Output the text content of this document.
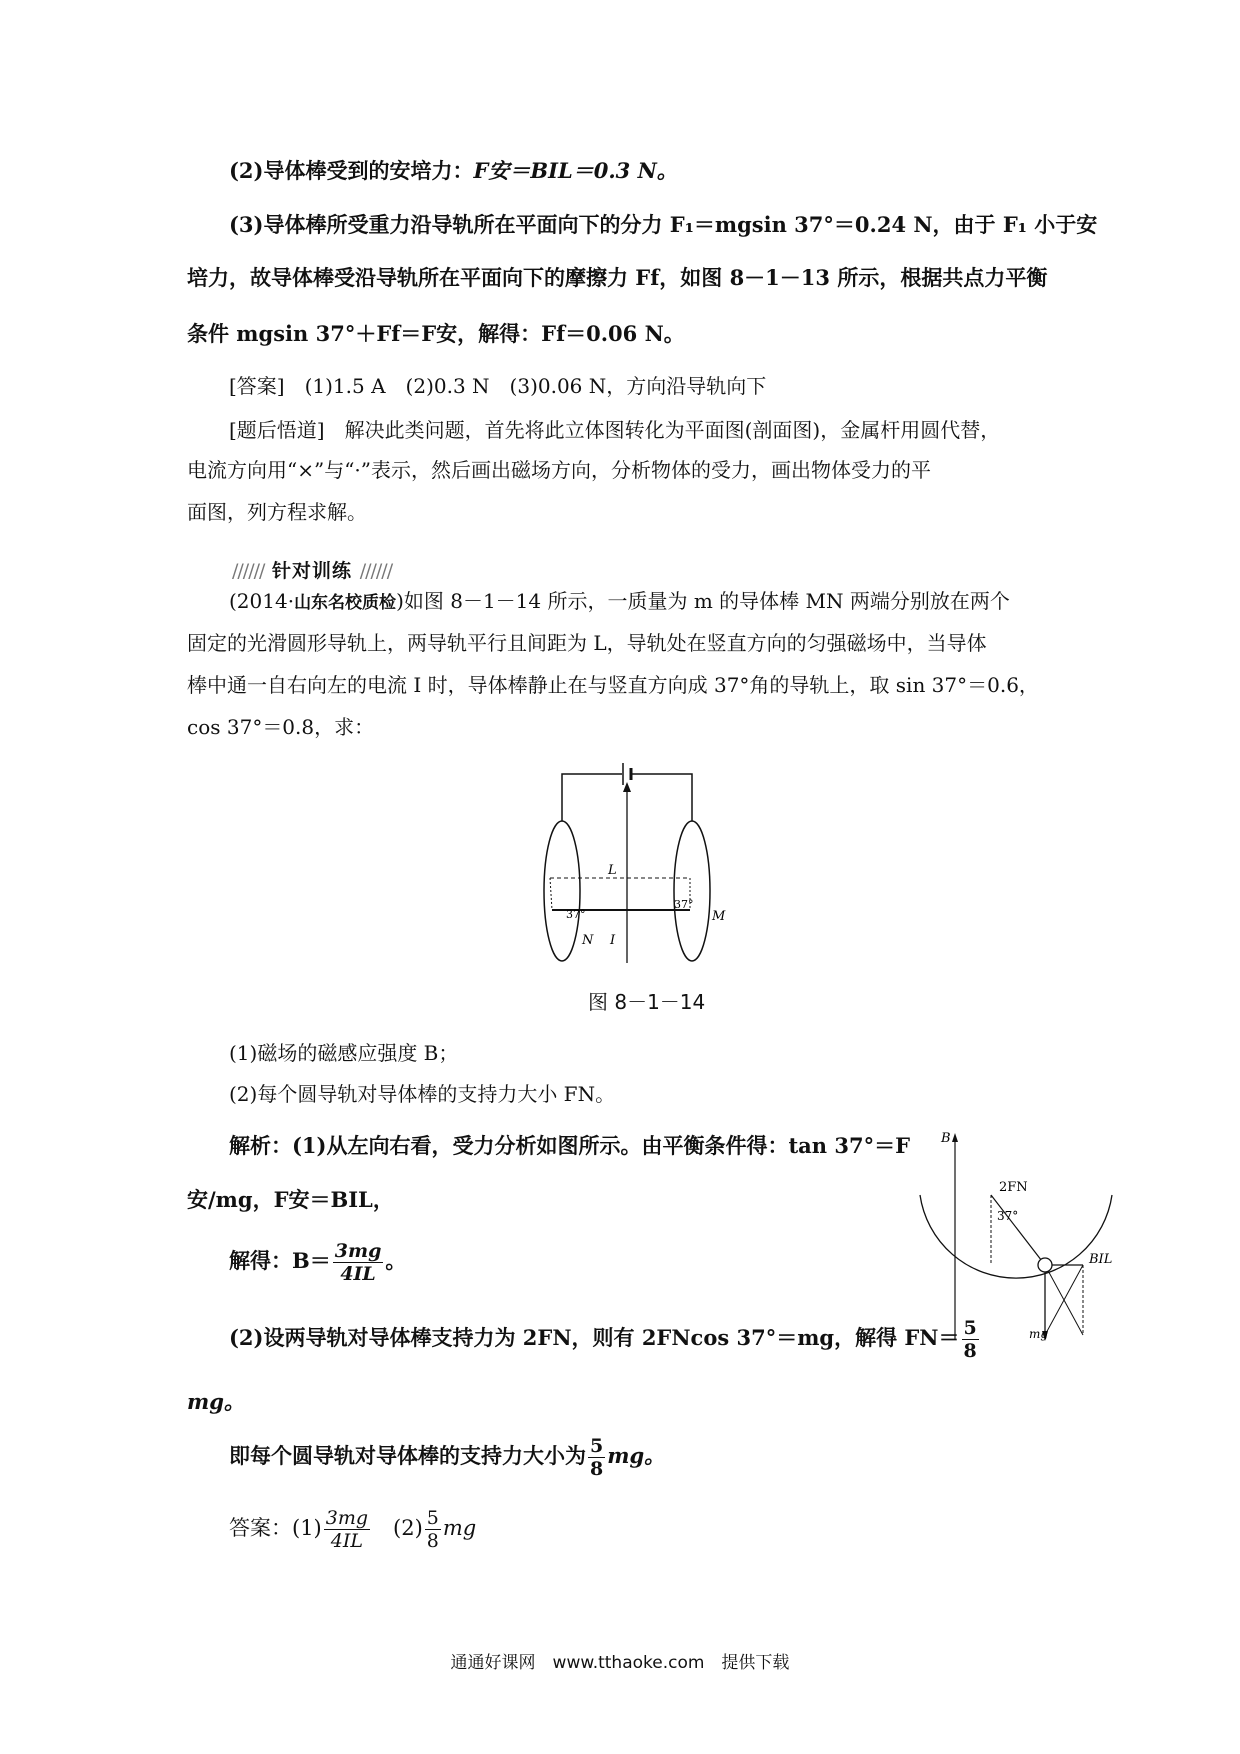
(2)导体棒受到的安培力：F安＝BIL＝0.3 N。
(3)导体棒所受重力沿导轨所在平面向下的分力 F₁＝mgsin 37°＝0.24 N，由于 F₁ 小于安
培力，故导体棒受沿导轨所在平面向下的摩擦力 Ff，如图 8－1－13 所示，根据共点力平衡
条件 mgsin 37°＋Ff＝F安，解得：Ff＝0.06 N。
[答案]　(1)1.5 A　(2)0.3 N　(3)0.06 N，方向沿导轨向下
[题后悟道]　解决此类问题，首先将此立体图转化为平面图(剖面图)，金属杆用圆代替，
电流方向用“×”与“·”表示，然后画出磁场方向，分析物体的受力，画出物体受力的平
面图，列方程求解。
////// 针对训练 //////
(2014·山东名校质检)如图 8－1－14 所示，一质量为 m 的导体棒 MN 两端分别放在两个
固定的光滑圆形导轨上，两导轨平行且间距为 L，导轨处在竖直方向的匀强磁场中，当导体
棒中通一自右向左的电流 I 时，导体棒静止在与竖直方向成 37°角的导轨上，取 sin 37°＝0.6，
cos 37°＝0.8，求：
L
37°
37°
N I
M
图 8－1－14
(1)磁场的磁感应强度 B；
(2)每个圆导轨对导体棒的支持力大小 FN。
解析：(1)从左向右看，受力分析如图所示。由平衡条件得：tan 37°＝F
安/mg，F安＝BIL，
解得：$B= \frac{3mg}{4IL}$ 。
(2)设两导轨对导体棒支持力为 2FN，则有 2FNcos 37°＝mg，解得 $FN= \frac{5}{8}$
mg。
即每个圆导轨对导体棒的支持力大小为 $\frac{5}{8}$ mg。
答案：$(1) \frac{3mg}{4IL}$ 　$(2) \frac{5}{8}$ mg
B
2FN
37°
BIL
mg
通通好课网　www.tthaoke.com　提供下载
